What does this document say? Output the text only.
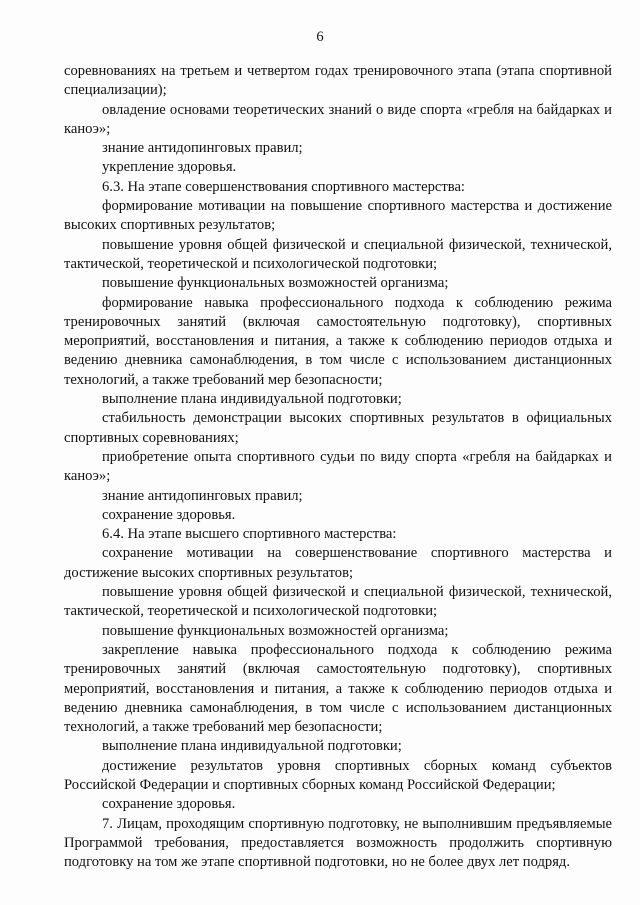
6

соревнованиях на третьем и четвертом годах тренировочного этапа (этапа спортивной специализации);

овладение основами теоретических знаний о виде спорта «гребля на байдарках и каноэ»;

знание антидопинговых правил;

укрепление здоровья.

6.3. На этапе совершенствования спортивного мастерства:

формирование мотивации на повышение спортивного мастерства и достижение высоких спортивных результатов;

повышение уровня общей физической и специальной физической, технической, тактической, теоретической и психологической подготовки;

повышение функциональных возможностей организма;

формирование навыка профессионального подхода к соблюдению режима тренировочных занятий (включая самостоятельную подготовку), спортивных мероприятий, восстановления и питания, а также к соблюдению периодов отдыха и ведению дневника самонаблюдения, в том числе с использованием дистанционных технологий, а также требований мер безопасности;

выполнение плана индивидуальной подготовки;

стабильность демонстрации высоких спортивных результатов в официальных спортивных соревнованиях;

приобретение опыта спортивного судьи по виду спорта «гребля на байдарках и каноэ»;

знание антидопинговых правил;

сохранение здоровья.

6.4. На этапе высшего спортивного мастерства:

сохранение мотивации на совершенствование спортивного мастерства и достижение высоких спортивных результатов;

повышение уровня общей физической и специальной физической, технической, тактической, теоретической и психологической подготовки;

повышение функциональных возможностей организма;

закрепление навыка профессионального подхода к соблюдению режима тренировочных занятий (включая самостоятельную подготовку), спортивных мероприятий, восстановления и питания, а также к соблюдению периодов отдыха и ведению дневника самонаблюдения, в том числе с использованием дистанционных технологий, а также требований мер безопасности;

выполнение плана индивидуальной подготовки;

достижение результатов уровня спортивных сборных команд субъектов Российской Федерации и спортивных сборных команд Российской Федерации;

сохранение здоровья.

7. Лицам, проходящим спортивную подготовку, не выполнившим предъявляемые Программой требования, предоставляется возможность продолжить спортивную подготовку на том же этапе спортивной подготовки, но не более двух лет подряд.
